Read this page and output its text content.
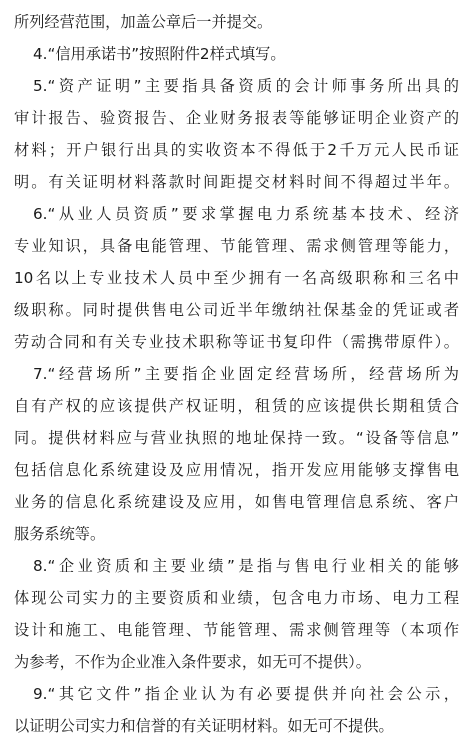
所列经营范围，加盖公章后一并提交。
4.“信用承诺书”按照附件2样式填写。
5.“资产证明”主要指具备资质的会计师事务所出具的
审计报告、验资报告、企业财务报表等能够证明企业资产的
材料；开户银行出具的实收资本不得低于2千万元人民币证
明。有关证明材料落款时间距提交材料时间不得超过半年。
6.“从业人员资质”要求掌握电力系统基本技术、经济
专业知识，具备电能管理、节能管理、需求侧管理等能力，
10名以上专业技术人员中至少拥有一名高级职称和三名中
级职称。同时提供售电公司近半年缴纳社保基金的凭证或者
劳动合同和有关专业技术职称等证书复印件（需携带原件）。
7.“经营场所”主要指企业固定经营场所，经营场所为
自有产权的应该提供产权证明，租赁的应该提供长期租赁合
同。提供材料应与营业执照的地址保持一致。“设备等信息”
包括信息化系统建设及应用情况，指开发应用能够支撑售电
业务的信息化系统建设及应用，如售电管理信息系统、客户
服务系统等。
8.“企业资质和主要业绩”是指与售电行业相关的能够
体现公司实力的主要资质和业绩，包含电力市场、电力工程
设计和施工、电能管理、节能管理、需求侧管理等（本项作
为参考，不作为企业准入条件要求，如无可不提供）。
9.“其它文件”指企业认为有必要提供并向社会公示，
以证明公司实力和信誉的有关证明材料。如无可不提供。
